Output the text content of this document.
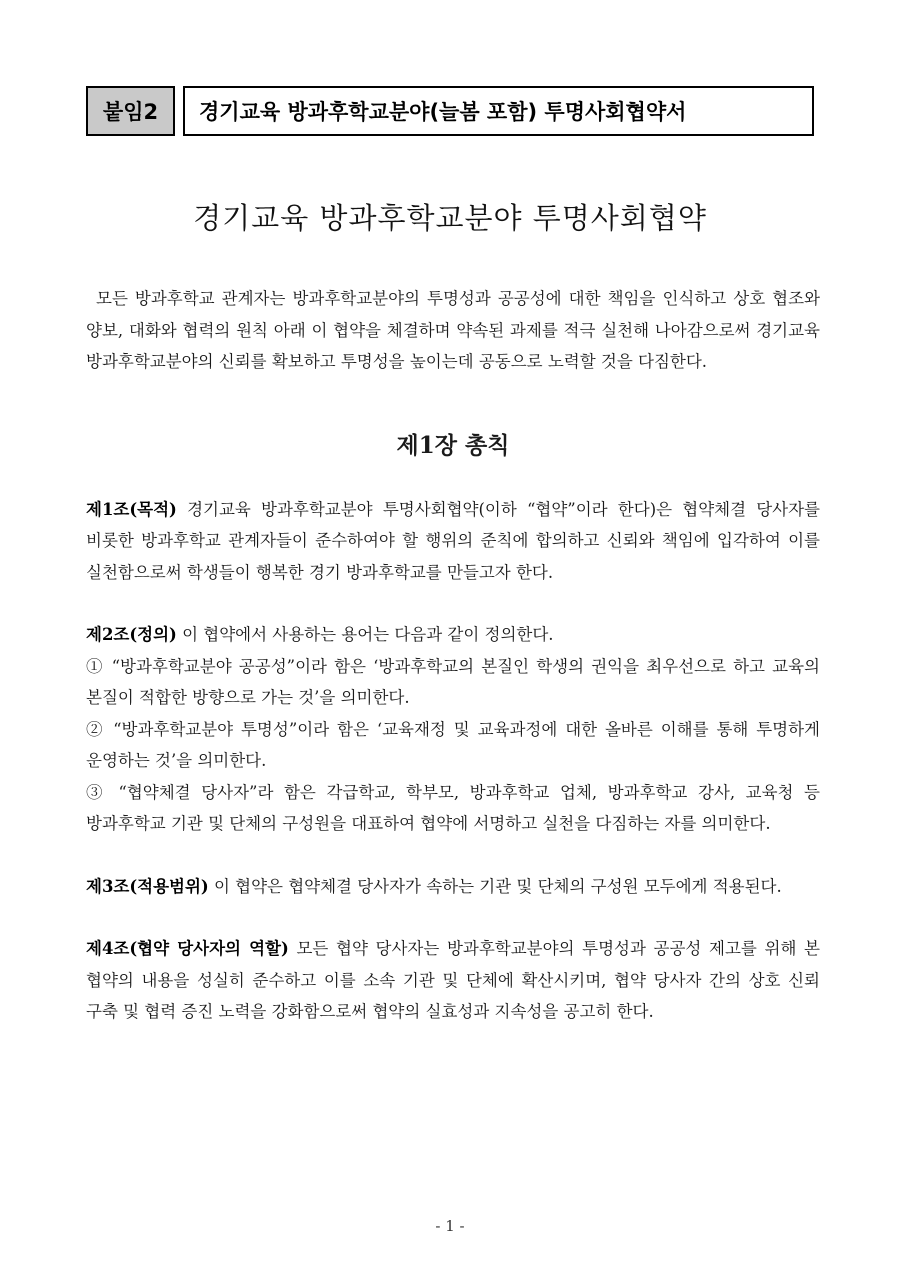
붙임2	경기교육 방과후학교분야(늘봄 포함) 투명사회협약서
경기교육 방과후학교분야 투명사회협약

모든 방과후학교 관계자는 방과후학교분야의 투명성과 공공성에 대한 책임을 인식하고 상호 협조와 양보, 대화와 협력의 원칙 아래 이 협약을 체결하며 약속된 과제를 적극 실천해 나아감으로써 경기교육 방과후학교분야의 신뢰를 확보하고 투명성을 높이는데 공동으로 노력할 것을 다짐한다.

제1장 총칙

제1조(목적) 경기교육 방과후학교분야 투명사회협약(이하 “협약”이라 한다)은 협약체결 당사자를 비롯한 방과후학교 관계자들이 준수하여야 할 행위의 준칙에 합의하고 신뢰와 책임에 입각하여 이를 실천함으로써 학생들이 행복한 경기 방과후학교를 만들고자 한다.

제2조(정의) 이 협약에서 사용하는 용어는 다음과 같이 정의한다.
① “방과후학교분야 공공성”이라 함은 ‘방과후학교의 본질인 학생의 권익을 최우선으로 하고 교육의 본질이 적합한 방향으로 가는 것’을 의미한다.
② “방과후학교분야 투명성”이라 함은 ‘교육재정 및 교육과정에 대한 올바른 이해를 통해 투명하게 운영하는 것’을 의미한다.
③ “협약체결 당사자”라 함은 각급학교, 학부모, 방과후학교 업체, 방과후학교 강사, 교육청 등 방과후학교 기관 및 단체의 구성원을 대표하여 협약에 서명하고 실천을 다짐하는 자를 의미한다.

제3조(적용범위) 이 협약은 협약체결 당사자가 속하는 기관 및 단체의 구성원 모두에게 적용된다.

제4조(협약 당사자의 역할) 모든 협약 당사자는 방과후학교분야의 투명성과 공공성 제고를 위해 본 협약의 내용을 성실히 준수하고 이를 소속 기관 및 단체에 확산시키며, 협약 당사자 간의 상호 신뢰 구축 및 협력 증진 노력을 강화함으로써 협약의 실효성과 지속성을 공고히 한다.

- 1 -
